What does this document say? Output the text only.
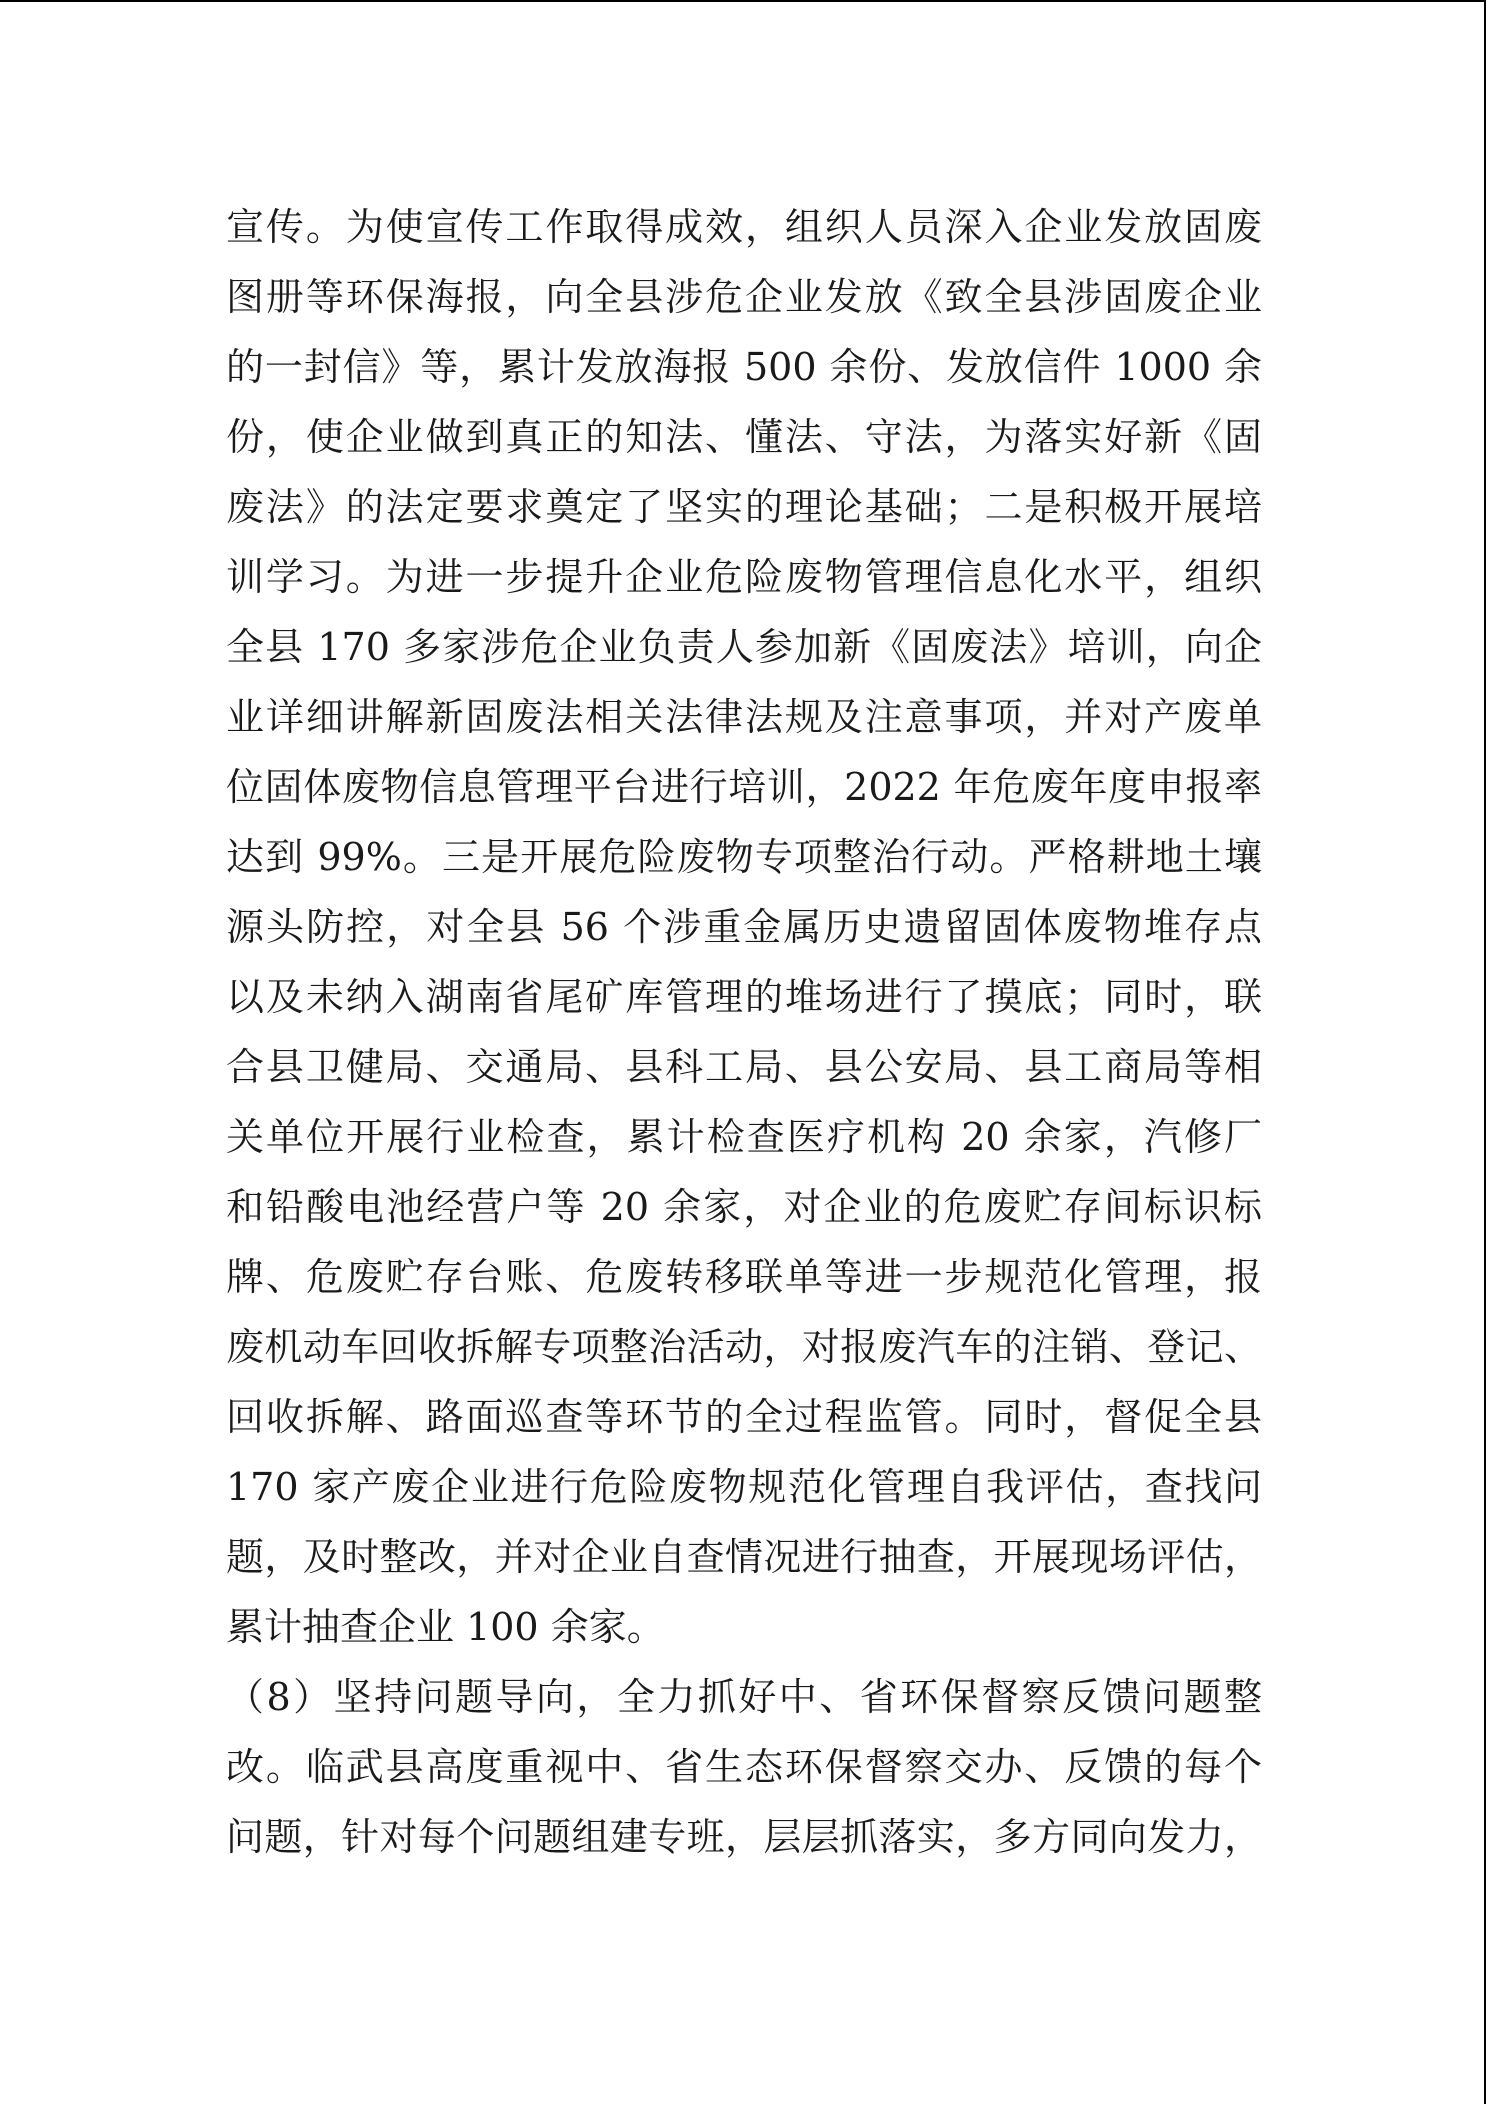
宣传。为使宣传工作取得成效，组织人员深入企业发放固废

图册等环保海报，向全县涉危企业发放《致全县涉固废企业

的一封信》等，累计发放海报 500 余份、发放信件 1000 余

份，使企业做到真正的知法、懂法、守法，为落实好新《固

废法》的法定要求奠定了坚实的理论基础；二是积极开展培

训学习。为进一步提升企业危险废物管理信息化水平，组织

全县 170 多家涉危企业负责人参加新《固废法》培训，向企

业详细讲解新固废法相关法律法规及注意事项，并对产废单

位固体废物信息管理平台进行培训，2022 年危废年度申报率

达到 99%。三是开展危险废物专项整治行动。严格耕地土壤

源头防控，对全县 56 个涉重金属历史遗留固体废物堆存点

以及未纳入湖南省尾矿库管理的堆场进行了摸底；同时，联

合县卫健局、交通局、县科工局、县公安局、县工商局等相

关单位开展行业检查，累计检查医疗机构 20 余家，汽修厂

和铅酸电池经营户等 20 余家，对企业的危废贮存间标识标

牌、危废贮存台账、危废转移联单等进一步规范化管理，报

废机动车回收拆解专项整治活动，对报废汽车的注销、登记、

回收拆解、路面巡查等环节的全过程监管。同时，督促全县

170 家产废企业进行危险废物规范化管理自我评估，查找问

题，及时整改，并对企业自查情况进行抽查，开展现场评估，

累计抽查企业 100 余家。

（8）坚持问题导向，全力抓好中、省环保督察反馈问题整

改。临武县高度重视中、省生态环保督察交办、反馈的每个

问题，针对每个问题组建专班，层层抓落实，多方同向发力，
